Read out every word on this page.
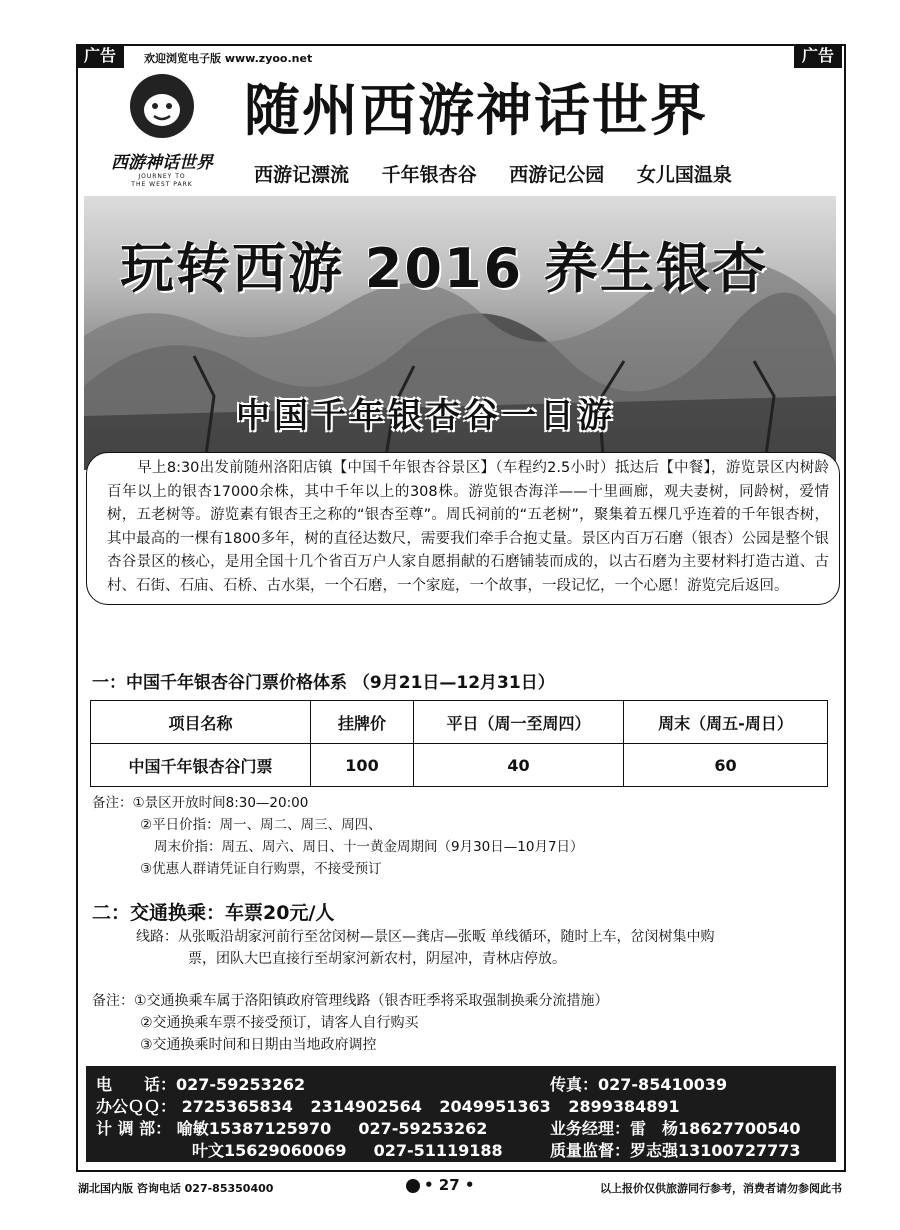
广告	广告
欢迎浏览电子版 www.zyoo.net
西游神话世界
JOURNEY TO
THE WEST PARK
随州西游神话世界
西游记漂流 千年银杏谷 西游记公园 女儿国温泉
玩转西游 2016 养生银杏
中国千年银杏谷一日游
早上8:30出发前随州洛阳店镇【中国千年银杏谷景区】（车程约2.5小时）抵达后【中餐】，游览景区内树龄百年以上的银杏17000余株，其中千年以上的308株。游览银杏海洋——十里画廊，观夫妻树，同龄树，爱情树，五老树等。游览素有银杏王之称的“银杏至尊”。周氏祠前的“五老树”，聚集着五棵几乎连着的千年银杏树，其中最高的一棵有1800多年，树的直径达数尺，需要我们牵手合抱丈量。景区内百万石磨（银杏）公园是整个银杏谷景区的核心，是用全国十几个省百万户人家自愿捐献的石磨铺装而成的，以古石磨为主要材料打造古道、古村、石街、石庙、石桥、古水渠，一个石磨，一个家庭，一个故事，一段记忆，一个心愿！游览完后返回。
一：中国千年银杏谷门票价格体系 （9月21日—12月31日）
项目名称	挂牌价	平日（周一至周四）	周末（周五-周日）
中国千年银杏谷门票	100	40	60
备注：①景区开放时间8:30—20:00
②平日价指：周一、周二、周三、周四、
周末价指：周五、周六、周日、十一黄金周期间（9月30日—10月7日）
③优惠人群请凭证自行购票，不接受预订
二：交通换乘：车票20元/人
线路：从张畈沿胡家河前行至岔闵树—景区—龚店—张畈 单线循环，随时上车，岔闵树集中购
票，团队大巴直接行至胡家河新农村，阴屋冲，青林店停放。
备注：①交通换乘车属于洛阳镇政府管理线路（银杏旺季将采取强制换乘分流措施）
②交通换乘车票不接受预订，请客人自行购买
③交通换乘时间和日期由当地政府调控
电　　话：027-59253262	传真：027-85410039
办公ＱＱ： 2725365834 2314902564 2049951363 2899384891
计 调 部： 喻敏15387125970 027-59253262	业务经理：雷　杨18627700540
叶文15629060069 027-51119188	质量监督：罗志强13100727773
湖北国内版 咨询电话 027-85350400	• 27 •	以上报价仅供旅游同行参考，消费者请勿参阅此书
